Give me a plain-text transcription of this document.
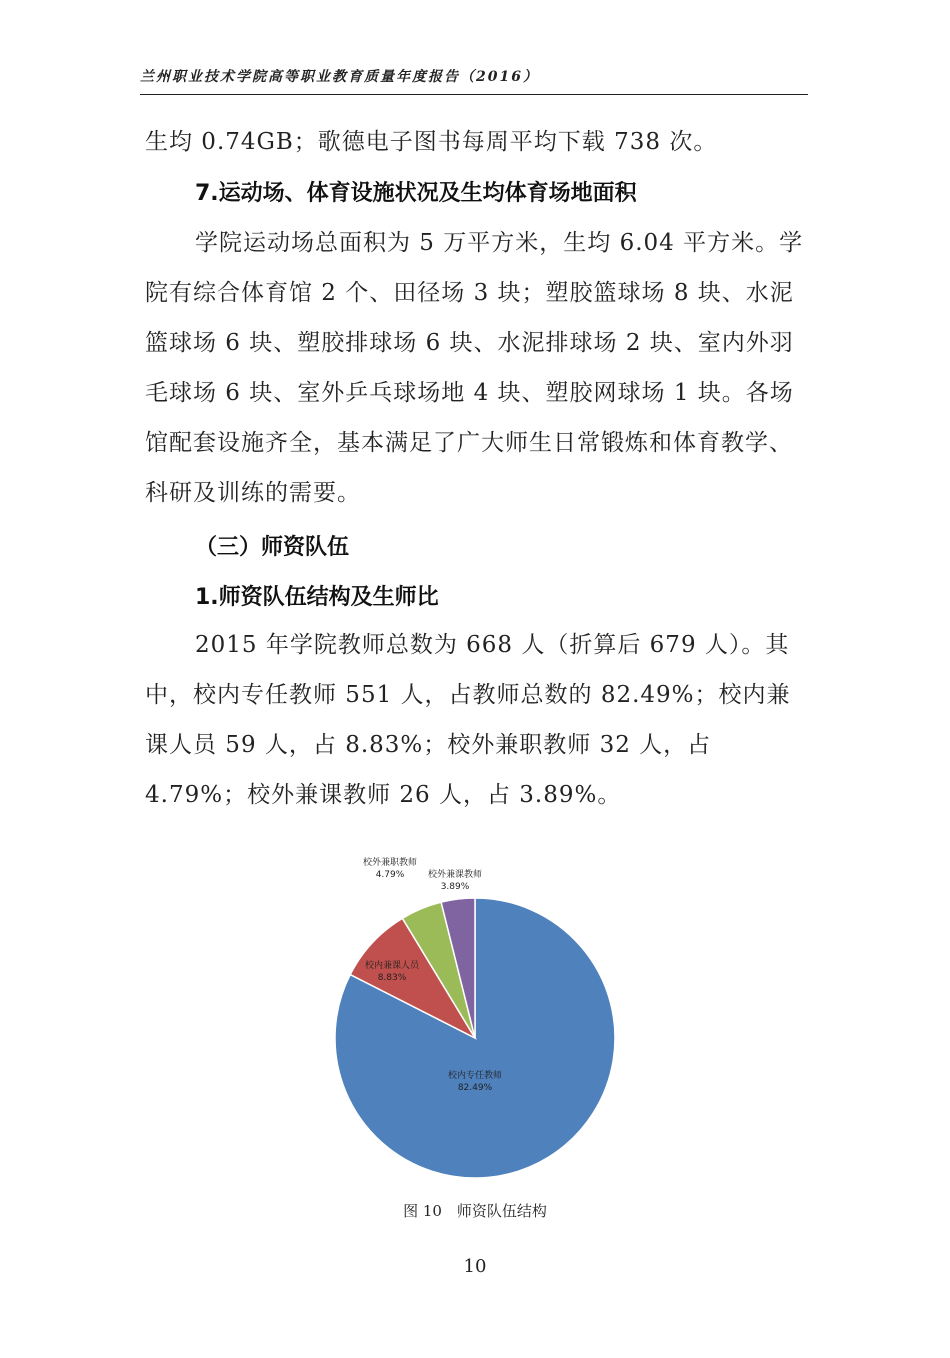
兰州职业技术学院高等职业教育质量年度报告（2016）
生均 0.74GB；歌德电子图书每周平均下载 738 次。
7.运动场、体育设施状况及生均体育场地面积
学院运动场总面积为 5 万平方米，生均 6.04 平方米。学院有综合体育馆 2 个、田径场 3 块；塑胶篮球场 8 块、水泥篮球场 6 块、塑胶排球场 6 块、水泥排球场 2 块、室内外羽毛球场 6 块、室外乒乓球场地 4 块、塑胶网球场 1 块。各场馆配套设施齐全，基本满足了广大师生日常锻炼和体育教学、科研及训练的需要。
（三）师资队伍
1.师资队伍结构及生师比
2015 年学院教师总数为 668 人（折算后 679 人）。其中，校内专任教师 551 人，占教师总数的 82.49%；校内兼课人员 59 人，占 8.83%；校外兼职教师 32 人，占 4.79%；校外兼课教师 26 人，占 3.89%。
校内专任教师
82.49%
校内兼课人员
8.83%
校外兼职教师
4.79%	校外兼课教师
3.89%
图 10　师资队伍结构
10
